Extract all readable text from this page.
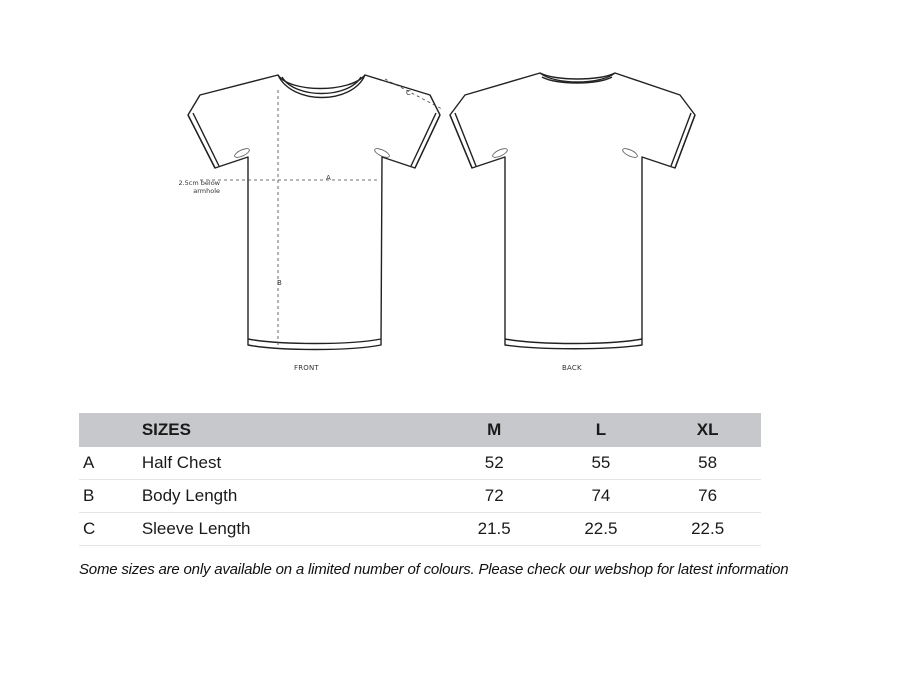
A
B
C
2.5cm below
armhole
FRONT	BACK
	SIZES	M	L	XL
A	Half Chest	52	55	58
B	Body Length	72	74	76
C	Sleeve Length	21.5	22.5	22.5
Some sizes are only available on a limited number of colours. Please check our webshop for latest information
